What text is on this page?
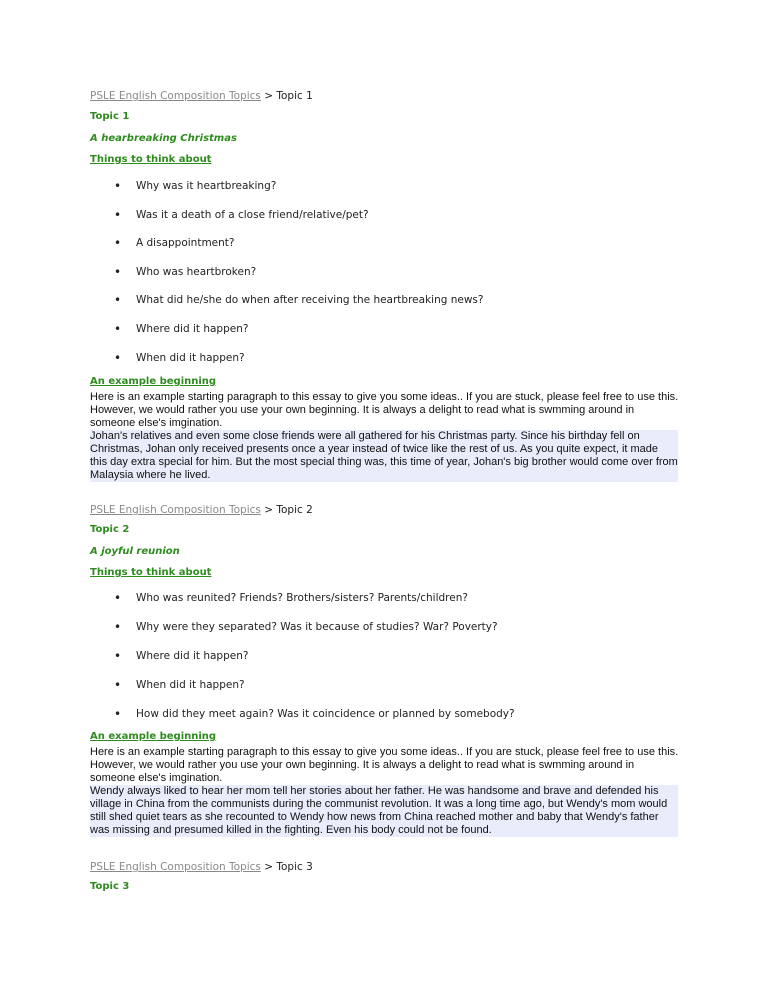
PSLE English Composition Topics > Topic 1
Topic 1
A hearbreaking Christmas
Things to think about
• Why was it heartbreaking?
• Was it a death of a close friend/relative/pet?
• A disappointment?
• Who was heartbroken?
• What did he/she do when after receiving the heartbreaking news?
• Where did it happen?
• When did it happen?
An example beginning
Here is an example starting paragraph to this essay to give you some ideas.. If you are stuck, please feel free to use this. However, we would rather you use your own beginning. It is always a delight to read what is swmming around in someone else's imgination.
Johan's relatives and even some close friends were all gathered for his Christmas party. Since his birthday fell on Christmas, Johan only received presents once a year instead of twice like the rest of us. As you quite expect, it made this day extra special for him. But the most special thing was, this time of year, Johan's big brother would come over from Malaysia where he lived.
PSLE English Composition Topics > Topic 2
Topic 2
A joyful reunion
Things to think about
• Who was reunited? Friends? Brothers/sisters? Parents/children?
• Why were they separated? Was it because of studies? War? Poverty?
• Where did it happen?
• When did it happen?
• How did they meet again? Was it coincidence or planned by somebody?
An example beginning
Here is an example starting paragraph to this essay to give you some ideas.. If you are stuck, please feel free to use this. However, we would rather you use your own beginning. It is always a delight to read what is swmming around in someone else's imgination.
Wendy always liked to hear her mom tell her stories about her father. He was handsome and brave and defended his village in China from the communists during the communist revolution. It was a long time ago, but Wendy's mom would still shed quiet tears as she recounted to Wendy how news from China reached mother and baby that Wendy's father was missing and presumed killed in the fighting. Even his body could not be found.
PSLE English Composition Topics > Topic 3
Topic 3
